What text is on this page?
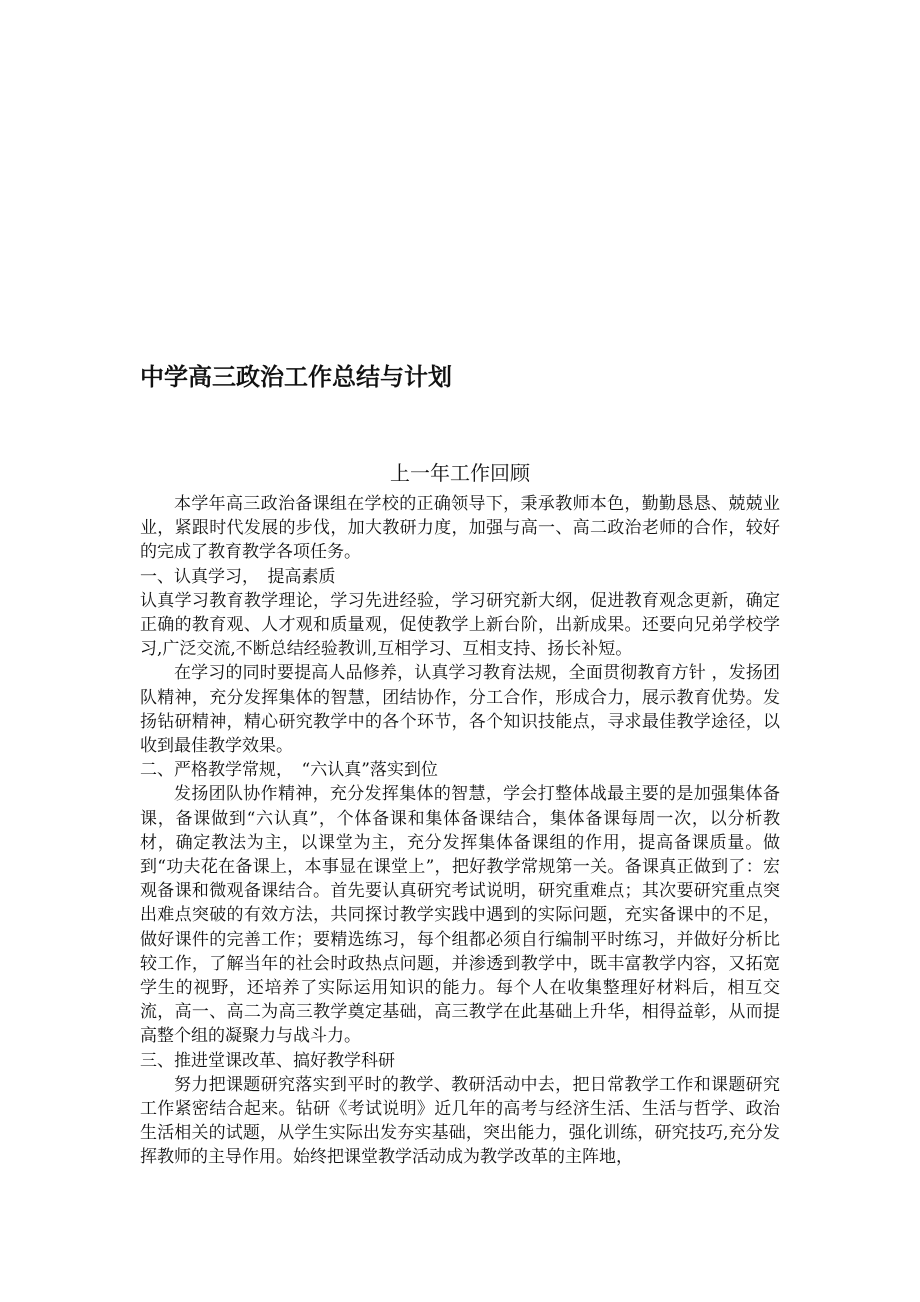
中学高三政治工作总结与计划
上一年工作回顾

本学年高三政治备课组在学校的正确领导下，秉承教师本色，勤勤恳恳、兢兢业业，紧跟时代发展的步伐，加大教研力度，加强与高一、高二政治老师的合作，较好的完成了教育教学各项任务。

一、认真学习，　提高素质

认真学习教育教学理论，学习先进经验，学习研究新大纲，促进教育观念更新，确定正确的教育观、人才观和质量观，促使教学上新台阶，出新成果。还要向兄弟学校学习,广泛交流,不断总结经验教训,互相学习、互相支持、扬长补短。

在学习的同时要提高人品修养，认真学习教育法规，全面贯彻教育方针 ，发扬团队精神，充分发挥集体的智慧，团结协作，分工合作，形成合力，展示教育优势。发扬钻研精神，精心研究教学中的各个环节，各个知识技能点，寻求最佳教学途径，以收到最佳教学效果。

二、严格教学常规，　“六认真”落实到位

发扬团队协作精神，充分发挥集体的智慧，学会打整体战最主要的是加强集体备课，备课做到“六认真”，个体备课和集体备课结合，集体备课每周一次，以分析教材，确定教法为主，以课堂为主，充分发挥集体备课组的作用，提高备课质量。做到“功夫花在备课上，本事显在课堂上”，把好教学常规第一关。备课真正做到了：宏观备课和微观备课结合。首先要认真研究考试说明，研究重难点；其次要研究重点突出难点突破的有效方法，共同探讨教学实践中遇到的实际问题，充实备课中的不足，做好课件的完善工作；要精选练习，每个组都必须自行编制平时练习，并做好分析比较工作，了解当年的社会时政热点问题，并渗透到教学中，既丰富教学内容，又拓宽学生的视野，还培养了实际运用知识的能力。每个人在收集整理好材料后，相互交流，高一、高二为高三教学奠定基础，高三教学在此基础上升华，相得益彰，从而提高整个组的凝聚力与战斗力。

三、推进堂课改革、搞好教学科研

努力把课题研究落实到平时的教学、教研活动中去，把日常教学工作和课题研究工作紧密结合起来。钻研《考试说明》近几年的高考与经济生活、生活与哲学、政治生活相关的试题，从学生实际出发夯实基础，突出能力，强化训练，研究技巧,充分发挥教师的主导作用。始终把课堂教学活动成为教学改革的主阵地，
